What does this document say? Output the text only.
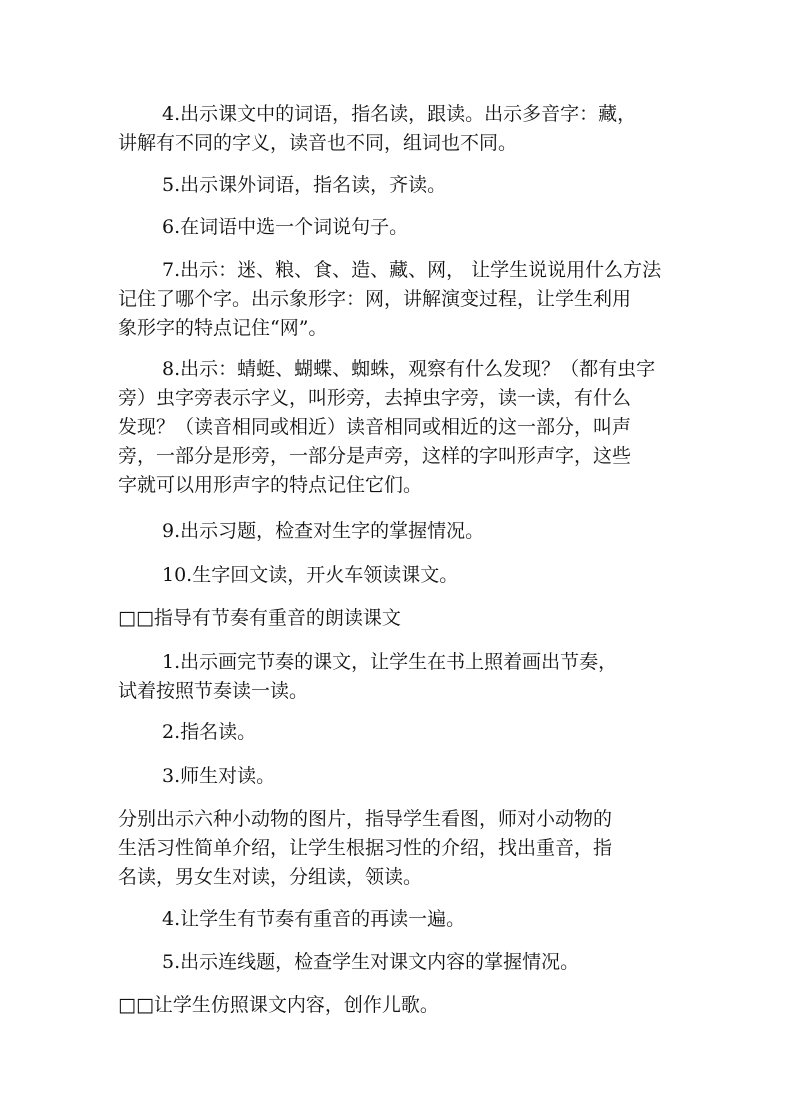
4.出示课文中的词语，指名读，跟读。出示多音字：藏，
讲解有不同的字义，读音也不同，组词也不同。
5.出示课外词语，指名读，齐读。
6.在词语中选一个词说句子。
7.出示：迷、粮、食、造、藏、网， 让学生说说用什么方法
记住了哪个字。出示象形字：网，讲解演变过程，让学生利用
象形字的特点记住“网”。
8.出示：蜻蜓、蝴蝶、蜘蛛，观察有什么发现？（都有虫字
旁）虫字旁表示字义，叫形旁，去掉虫字旁，读一读，有什么
发现？（读音相同或相近）读音相同或相近的这一部分，叫声
旁，一部分是形旁，一部分是声旁，这样的字叫形声字，这些
字就可以用形声字的特点记住它们。
9.出示习题，检查对生字的掌握情况。
10.生字回文读，开火车领读课文。
□□指导有节奏有重音的朗读课文
1.出示画完节奏的课文，让学生在书上照着画出节奏，
试着按照节奏读一读。
2.指名读。
3.师生对读。
分别出示六种小动物的图片，指导学生看图，师对小动物的
生活习性简单介绍，让学生根据习性的介绍，找出重音，指
名读，男女生对读，分组读，领读。
4.让学生有节奏有重音的再读一遍。
5.出示连线题，检查学生对课文内容的掌握情况。
□□让学生仿照课文内容，创作儿歌。
